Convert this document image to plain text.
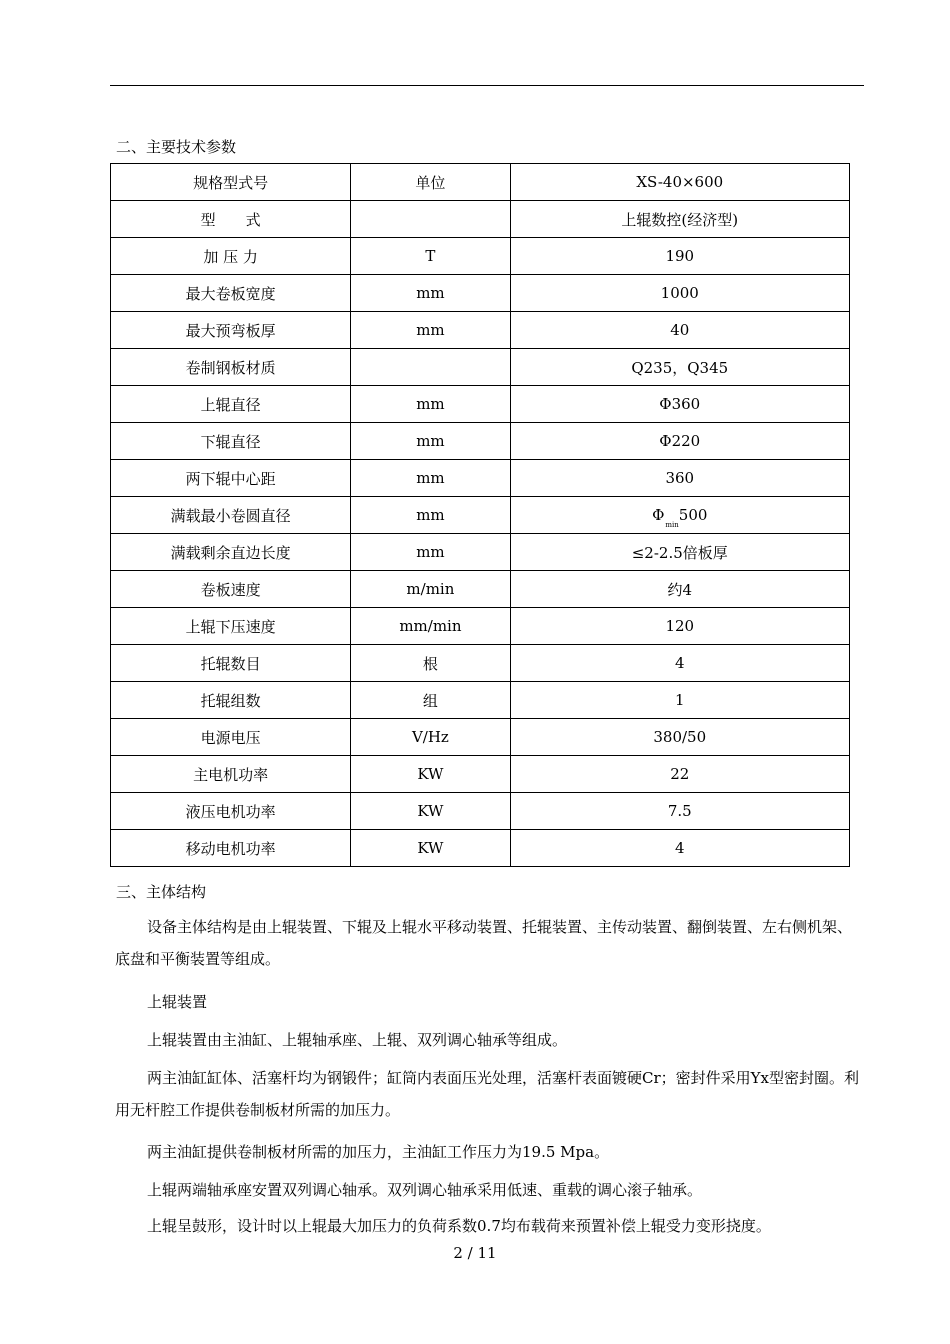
二、主要技术参数
规格型式号	单位	XS-40×600
型　　式		上辊数控(经济型)
加 压 力	T	190
最大卷板宽度	mm	1000
最大预弯板厚	mm	40
卷制钢板材质		Q235，Q345
上辊直径	mm	Φ360
下辊直径	mm	Φ220
两下辊中心距	mm	360
满载最小卷圆直径	mm	$\Phi_{min}500$
满载剩余直边长度	mm	≤2-2.5倍板厚
卷板速度	m/min	约4
上辊下压速度	mm/min	120
托辊数目	根	4
托辊组数	组	1
电源电压	V/Hz	380/50
主电机功率	KW	22
液压电机功率	KW	7.5
移动电机功率	KW	4
三、主体结构
设备主体结构是由上辊装置、下辊及上辊水平移动装置、托辊装置、主传动装置、翻倒装置、左右侧机架、底盘和平衡装置等组成。
上辊装置
上辊装置由主油缸、上辊轴承座、上辊、双列调心轴承等组成。
两主油缸缸体、活塞杆均为钢锻件；缸筒内表面压光处理，活塞杆表面镀硬Cr；密封件采用Yx型密封圈。利用无杆腔工作提供卷制板材所需的加压力。
两主油缸提供卷制板材所需的加压力，主油缸工作压力为19.5 Mpa。
上辊两端轴承座安置双列调心轴承。双列调心轴承采用低速、重载的调心滚子轴承。
上辊呈鼓形，设计时以上辊最大加压力的负荷系数0.7均布载荷来预置补偿上辊受力变形挠度。
2 / 11
